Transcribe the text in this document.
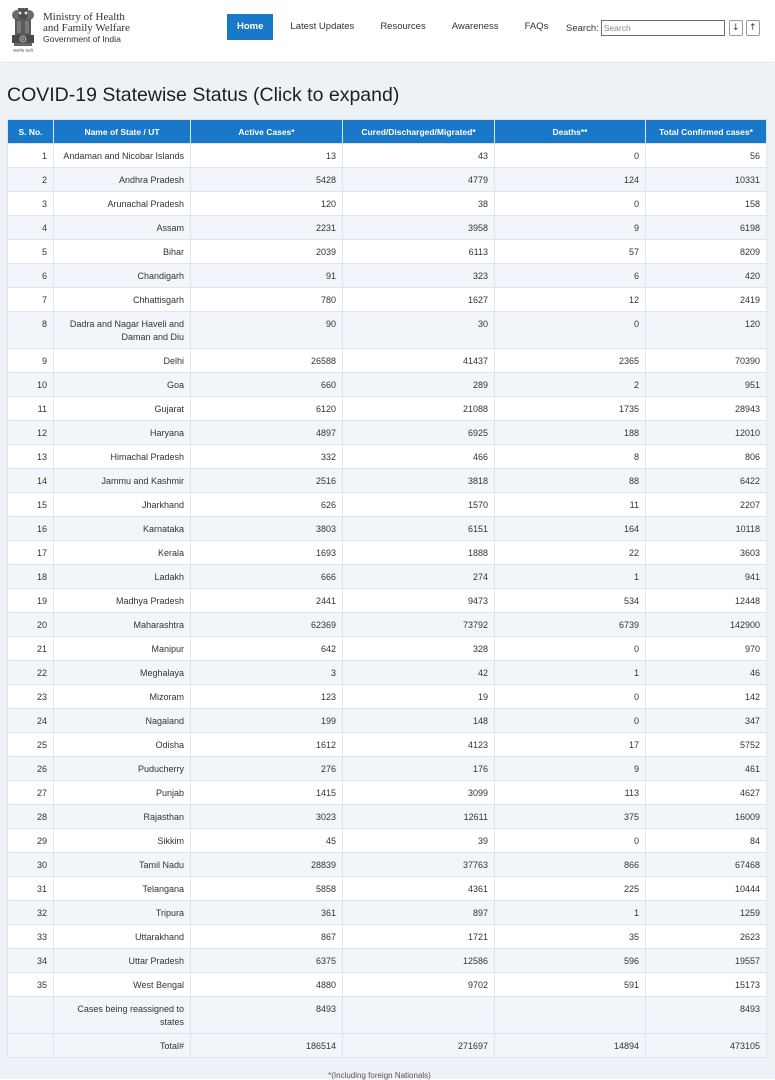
सत्यमेव जयते
Ministry of Health
and Family Welfare
Government of India
Home	Latest Updates	Resources	Awareness	FAQs Search:
Search	↓	↑
COVID-19 Statewise Status (Click to expand)
S. No.	Name of State / UT	Active Cases*	Cured/Discharged/Migrated*	Deaths**	Total Confirmed cases*
1	Andaman and Nicobar Islands	13	43	0	56
2	Andhra Pradesh	5428	4779	124	10331
3	Arunachal Pradesh	120	38	0	158
4	Assam	2231	3958	9	6198
5	Bihar	2039	6113	57	8209
6	Chandigarh	91	323	6	420
7	Chhattisgarh	780	1627	12	2419
8	Dadra and Nagar Haveli and Daman and Diu	90	30	0	120
9	Delhi	26588	41437	2365	70390
10	Goa	660	289	2	951
11	Gujarat	6120	21088	1735	28943
12	Haryana	4897	6925	188	12010
13	Himachal Pradesh	332	466	8	806
14	Jammu and Kashmir	2516	3818	88	6422
15	Jharkhand	626	1570	11	2207
16	Karnataka	3803	6151	164	10118
17	Kerala	1693	1888	22	3603
18	Ladakh	666	274	1	941
19	Madhya Pradesh	2441	9473	534	12448
20	Maharashtra	62369	73792	6739	142900
21	Manipur	642	328	0	970
22	Meghalaya	3	42	1	46
23	Mizoram	123	19	0	142
24	Nagaland	199	148	0	347
25	Odisha	1612	4123	17	5752
26	Puducherry	276	176	9	461
27	Punjab	1415	3099	113	4627
28	Rajasthan	3023	12611	375	16009
29	Sikkim	45	39	0	84
30	Tamil Nadu	28839	37763	866	67468
31	Telangana	5858	4361	225	10444
32	Tripura	361	897	1	1259
33	Uttarakhand	867	1721	35	2623
34	Uttar Pradesh	6375	12586	596	19557
35	West Bengal	4880	9702	591	15173
	Cases being reassigned to states	8493			8493
	Total#	186514	271697	14894	473105
*(Including foreign Nationals)
